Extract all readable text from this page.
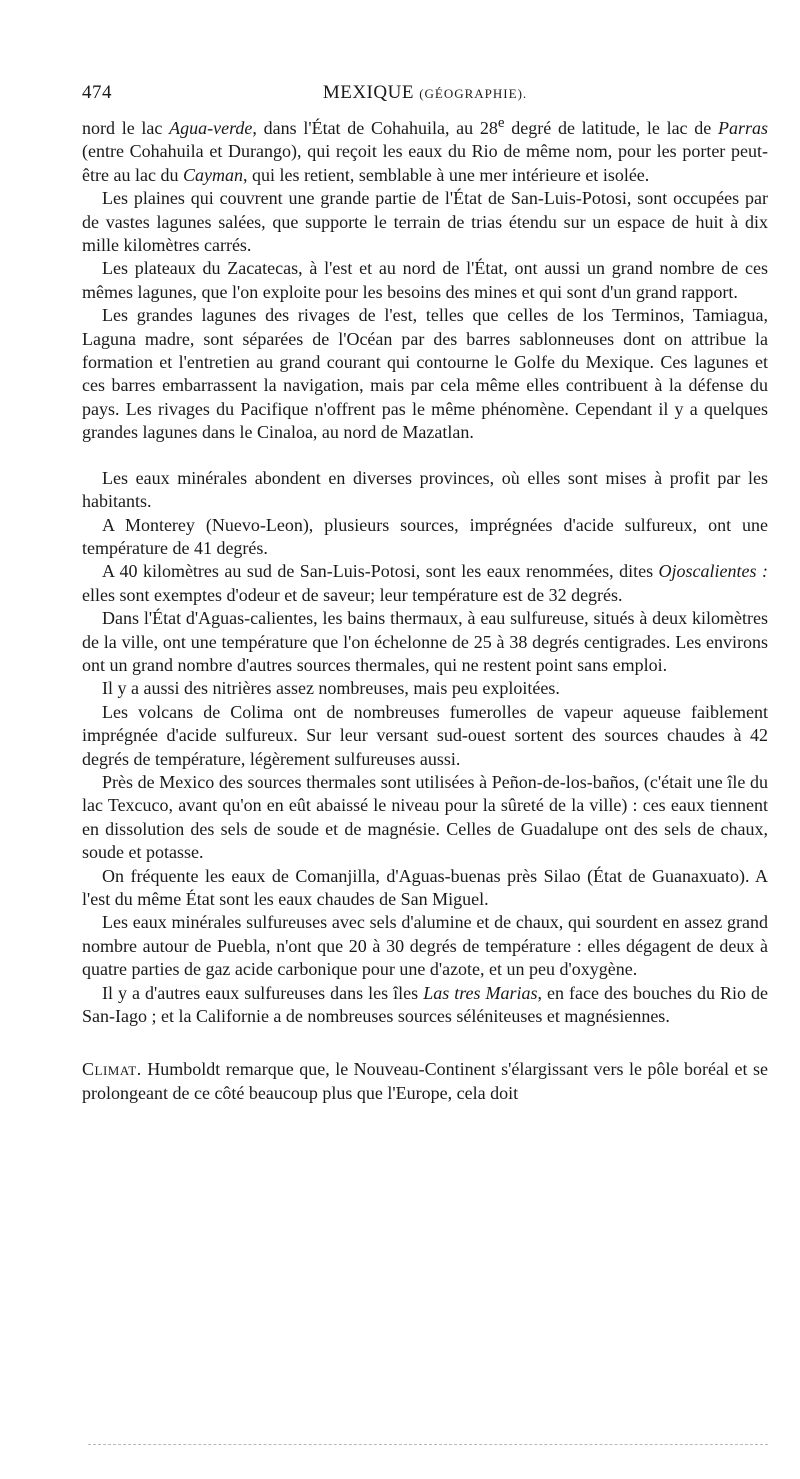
474	MEXIQUE (GÉOGRAPHIE).

nord le lac Agua-verde, dans l'État de Cohahuila, au 28e degré de latitude, le lac de Parras (entre Cohahuila et Durango), qui reçoit les eaux du Rio de même nom, pour les porter peut-être au lac du Cayman, qui les retient, semblable à une mer intérieure et isolée.

Les plaines qui couvrent une grande partie de l'État de San-Luis-Potosi, sont occupées par de vastes lagunes salées, que supporte le terrain de trias étendu sur un espace de huit à dix mille kilomètres carrés.

Les plateaux du Zacatecas, à l'est et au nord de l'État, ont aussi un grand nombre de ces mêmes lagunes, que l'on exploite pour les besoins des mines et qui sont d'un grand rapport.

Les grandes lagunes des rivages de l'est, telles que celles de los Terminos, Tamiagua, Laguna madre, sont séparées de l'Océan par des barres sablonneuses dont on attribue la formation et l'entretien au grand courant qui contourne le Golfe du Mexique. Ces lagunes et ces barres embarrassent la navigation, mais par cela même elles contribuent à la défense du pays. Les rivages du Pacifique n'offrent pas le même phénomène. Cependant il y a quelques grandes lagunes dans le Cinaloa, au nord de Mazatlan.

Les eaux minérales abondent en diverses provinces, où elles sont mises à profit par les habitants.

A Monterey (Nuevo-Leon), plusieurs sources, imprégnées d'acide sulfureux, ont une température de 41 degrés.

A 40 kilomètres au sud de San-Luis-Potosi, sont les eaux renommées, dites Ojoscalientes : elles sont exemptes d'odeur et de saveur; leur température est de 32 degrés.

Dans l'État d'Aguas-calientes, les bains thermaux, à eau sulfureuse, situés à deux kilomètres de la ville, ont une température que l'on échelonne de 25 à 38 degrés centigrades. Les environs ont un grand nombre d'autres sources thermales, qui ne restent point sans emploi.

Il y a aussi des nitrières assez nombreuses, mais peu exploitées.

Les volcans de Colima ont de nombreuses fumerolles de vapeur aqueuse faiblement imprégnée d'acide sulfureux. Sur leur versant sud-ouest sortent des sources chaudes à 42 degrés de température, légèrement sulfureuses aussi.

Près de Mexico des sources thermales sont utilisées à Peñon-de-los-baños, (c'était une île du lac Texcuco, avant qu'on en eût abaissé le niveau pour la sûreté de la ville) : ces eaux tiennent en dissolution des sels de soude et de magnésie. Celles de Guadalupe ont des sels de chaux, soude et potasse.

On fréquente les eaux de Comanjilla, d'Aguas-buenas près Silao (État de Guanaxuato). A l'est du même État sont les eaux chaudes de San Miguel.

Les eaux minérales sulfureuses avec sels d'alumine et de chaux, qui sourdent en assez grand nombre autour de Puebla, n'ont que 20 à 30 degrés de température : elles dégagent de deux à quatre parties de gaz acide carbonique pour une d'azote, et un peu d'oxygène.

Il y a d'autres eaux sulfureuses dans les îles Las tres Marias, en face des bouches du Rio de San-Iago ; et la Californie a de nombreuses sources séléniteuses et magnésiennes.

Climat. Humboldt remarque que, le Nouveau-Continent s'élargissant vers le pôle boréal et se prolongeant de ce côté beaucoup plus que l'Europe, cela doit
